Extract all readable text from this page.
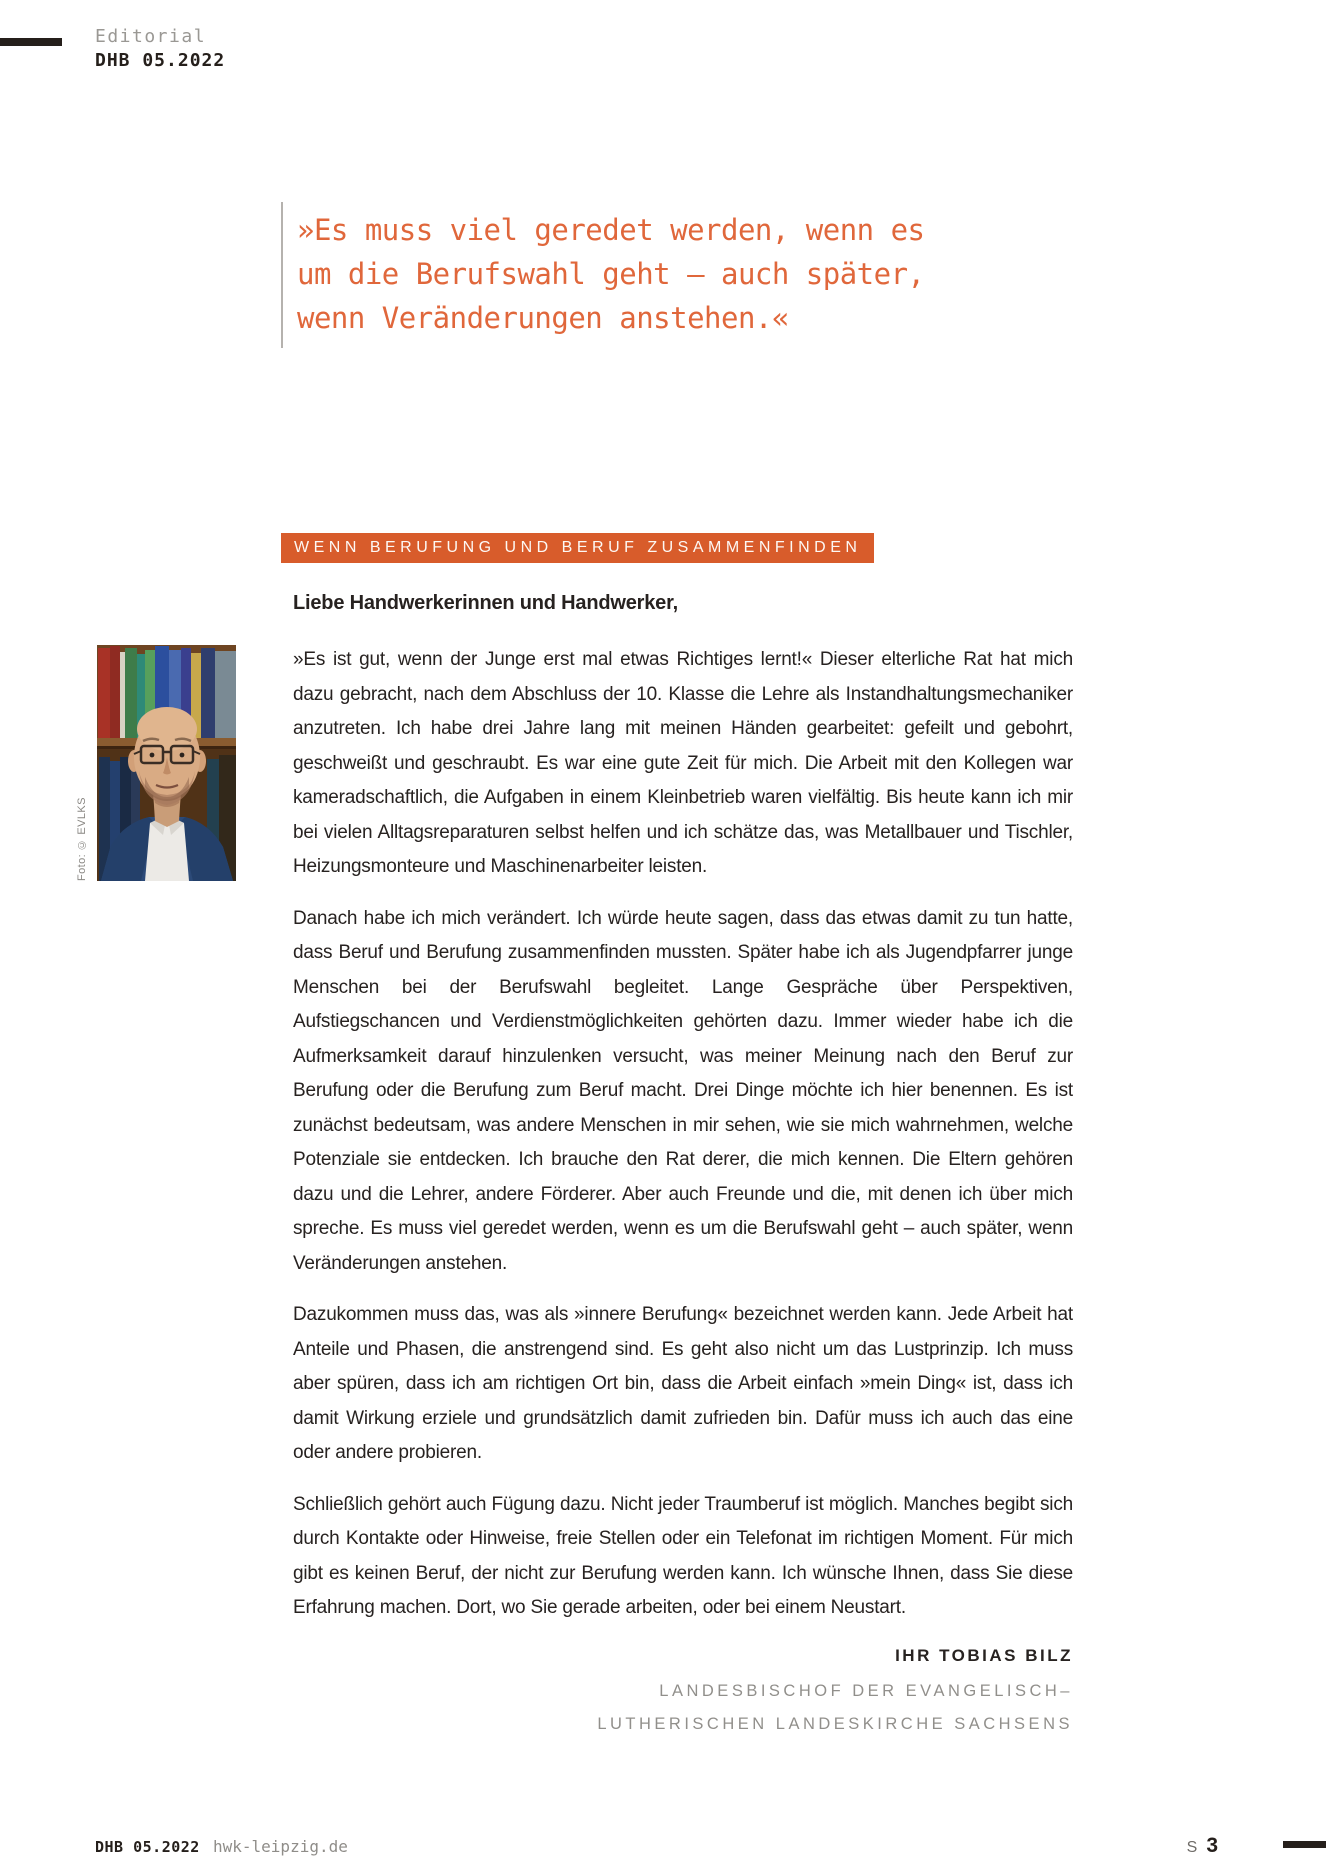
Editorial
DHB 05.2022
»Es muss viel geredet werden, wenn es
um die Berufswahl geht – auch später,
wenn Veränderungen anstehen.«
WENN BERUFUNG UND BERUF ZUSAMMENFINDEN
Liebe Handwerkerinnen und Handwerker,
Foto: © EVLKS

»Es ist gut, wenn der Junge erst mal etwas Richtiges lernt!« Dieser elterliche Rat hat mich dazu gebracht, nach dem Abschluss der 10. Klasse die Lehre als Instandhaltungsmechaniker anzutreten. Ich habe drei Jahre lang mit meinen Händen gearbeitet: gefeilt und gebohrt, geschweißt und geschraubt. Es war eine gute Zeit für mich. Die Arbeit mit den Kollegen war kameradschaftlich, die Aufgaben in einem Kleinbetrieb waren vielfältig. Bis heute kann ich mir bei vielen Alltagsreparaturen selbst helfen und ich schätze das, was Metallbauer und Tischler, Heizungsmonteure und Maschinenarbeiter leisten.

Danach habe ich mich verändert. Ich würde heute sagen, dass das etwas damit zu tun hatte, dass Beruf und Berufung zusammenfinden mussten. Später habe ich als Jugendpfarrer junge Menschen bei der Berufswahl begleitet. Lange Gespräche über Perspektiven, Aufstiegschancen und Verdienstmöglichkeiten gehörten dazu. Immer wieder habe ich die Aufmerksamkeit darauf hinzulenken versucht, was meiner Meinung nach den Beruf zur Berufung oder die Berufung zum Beruf macht. Drei Dinge möchte ich hier benennen. Es ist zunächst bedeutsam, was andere Menschen in mir sehen, wie sie mich wahrnehmen, welche Potenziale sie entdecken. Ich brauche den Rat derer, die mich kennen. Die Eltern gehören dazu und die Lehrer, andere Förderer. Aber auch Freunde und die, mit denen ich über mich spreche. Es muss viel geredet werden, wenn es um die Berufswahl geht – auch später, wenn Veränderungen anstehen.

Dazukommen muss das, was als »innere Berufung« bezeichnet werden kann. Jede Arbeit hat Anteile und Phasen, die anstrengend sind. Es geht also nicht um das Lustprinzip. Ich muss aber spüren, dass ich am richtigen Ort bin, dass die Arbeit einfach »mein Ding« ist, dass ich damit Wirkung erziele und grundsätzlich damit zufrieden bin. Dafür muss ich auch das eine oder andere probieren.

Schließlich gehört auch Fügung dazu. Nicht jeder Traumberuf ist möglich. Manches begibt sich durch Kontakte oder Hinweise, freie Stellen oder ein Telefonat im richtigen Moment. Für mich gibt es keinen Beruf, der nicht zur Berufung werden kann. Ich wünsche Ihnen, dass Sie diese Erfahrung machen. Dort, wo Sie gerade arbeiten, oder bei einem Neustart.

IHR TOBIAS BILZ
LANDESBISCHOF DER EVANGELISCH–
LUTHERISCHEN LANDESKIRCHE SACHSENS
DHB 05.2022 hwk-leipzig.de	S 3
